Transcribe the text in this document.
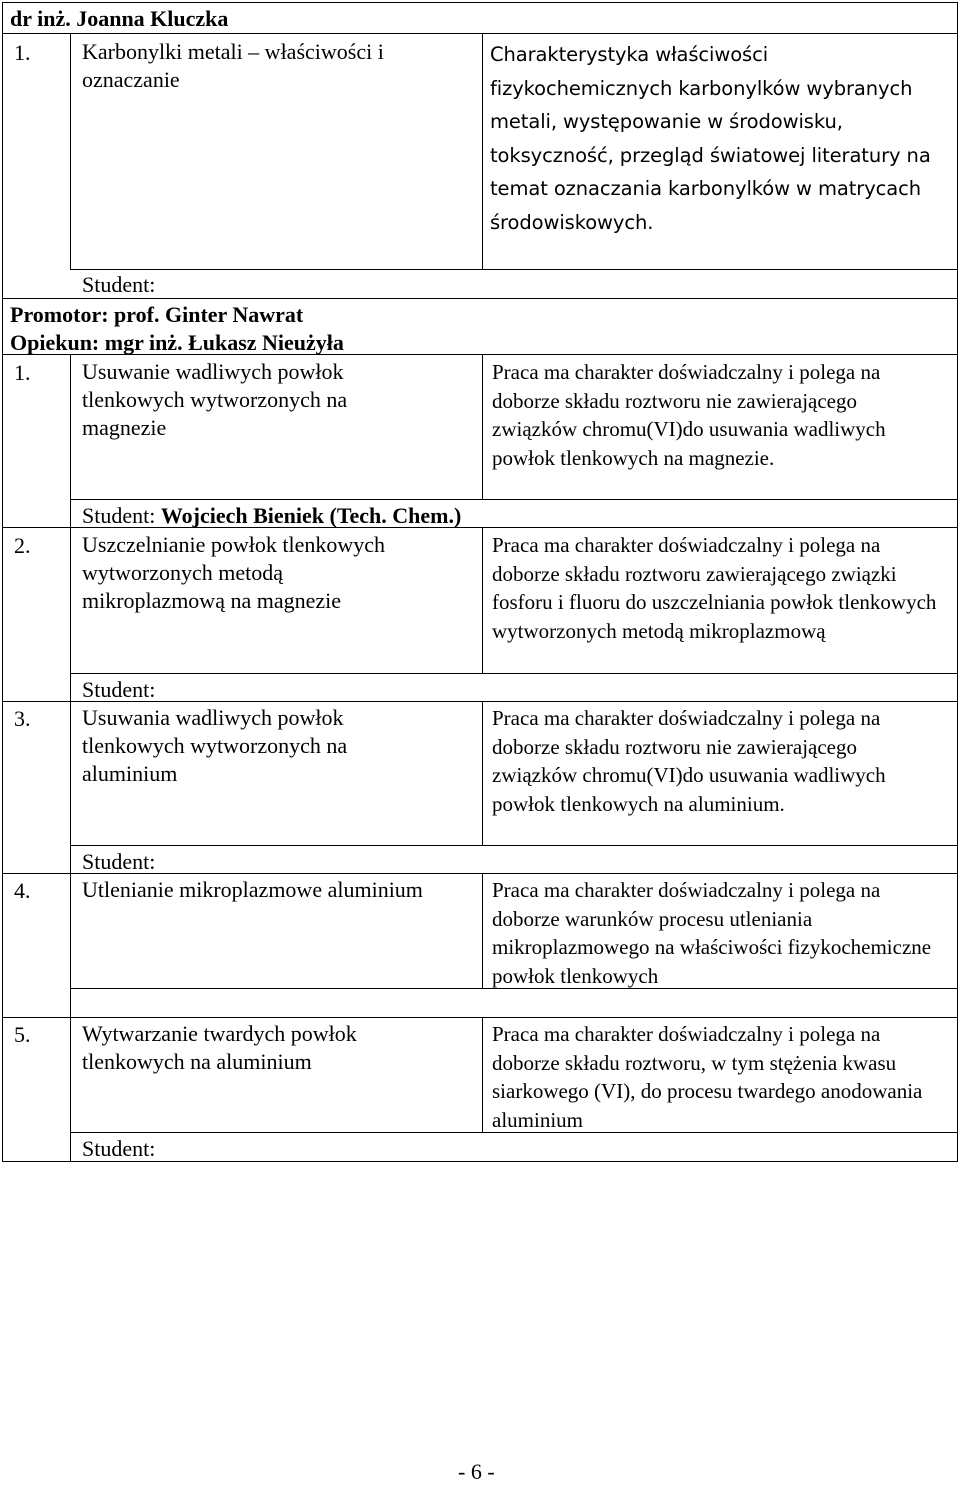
dr inż. Joanna Kluczka
1. Karbonylki metali – właściwości i oznaczanie
Charakterystyka właściwości fizykochemicznych karbonylków wybranych metali, występowanie w środowisku, toksyczność, przegląd światowej literatury na temat oznaczania karbonylków w matrycach środowiskowych.
Student:
Promotor: prof. Ginter Nawrat
Opiekun: mgr inż. Łukasz Nieużyła
1. Usuwanie wadliwych powłok tlenkowych wytworzonych na magnezie
Praca ma charakter doświadczalny i polega na doborze składu roztworu nie zawierającego związków chromu(VI)do usuwania wadliwych powłok tlenkowych na magnezie.
Student: Wojciech Bieniek (Tech. Chem.)
2. Uszczelnianie powłok tlenkowych wytworzonych metodą mikroplazmową na magnezie
Praca ma charakter doświadczalny i polega na doborze składu roztworu zawierającego związki fosforu i fluoru do uszczelniania powłok tlenkowych wytworzonych metodą mikroplazmową
Student:
3. Usuwania wadliwych powłok tlenkowych wytworzonych na aluminium
Praca ma charakter doświadczalny i polega na doborze składu roztworu nie zawierającego związków chromu(VI)do usuwania wadliwych powłok tlenkowych na aluminium.
Student:
4. Utlenianie mikroplazmowe aluminium	Praca ma charakter doświadczalny i polega na doborze warunków procesu utleniania mikroplazmowego na właściwości fizykochemiczne powłok tlenkowych
5. Wytwarzanie twardych powłok tlenkowych na aluminium
Praca ma charakter doświadczalny i polega na doborze składu roztworu, w tym stężenia kwasu siarkowego (VI), do procesu twardego anodowania aluminium
Student:
- 6 -
